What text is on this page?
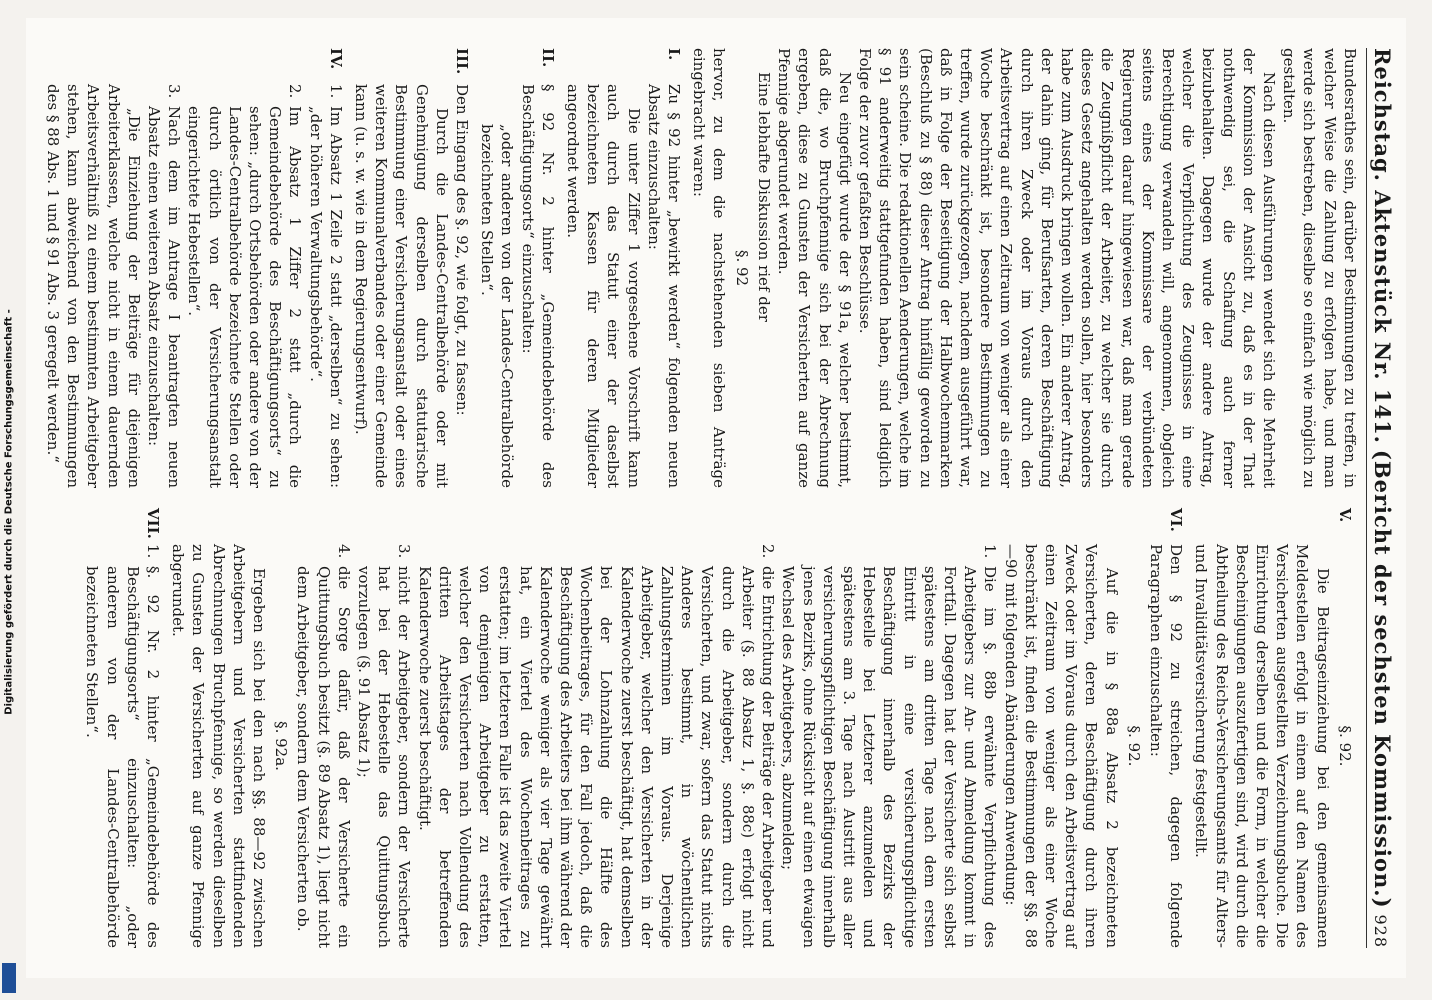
Reichstag. Aktenstück Nr. 141.
(Bericht der sechsten Kommission.)
928

Bundesrathes sein, darüber Bestimmungen zu treffen, in welcher Weise die Zahlung zu erfolgen habe, und man werde sich bestreben, dieselbe so einfach wie möglich zu gestalten.

Nach diesen Ausführungen wendet sich die Mehrheit der Kommission der Ansicht zu, daß es in der That nothwendig sei, die Schaffung auch ferner beizubehalten. Dagegen wurde der andere Antrag, welcher die Verpflichtung des Zeugnisses in eine Berechtigung verwandeln will, angenommen, obgleich seitens eines der Kommissare der verbündeten Regierungen darauf hingewiesen war, daß man gerade die Zeugnißpflicht der Arbeiter, zu welcher sie durch dieses Gesetz angehalten werden sollen, hier besonders habe zum Ausdruck bringen wollen. Ein anderer Antrag, der dahin ging, für Berufsarten, deren Beschäftigung durch ihren Zweck oder im Voraus durch den Arbeitsvertrag auf einen Zeitraum von weniger als einer Woche beschränkt ist, besondere Bestimmungen zu treffen, wurde zurückgezogen, nachdem ausgeführt war, daß in Folge der Beseitigung der Halbwochenmarken (Beschluß zu § 88) dieser Antrag hinfällig geworden zu sein scheine. Die redaktionellen Aenderungen, welche im § 91 anderweitig stattgefunden haben, sind lediglich Folge der zuvor gefaßten Beschlüsse.

Neu eingefügt wurde der § 91a, welcher bestimmt, daß die, wo Bruchpfennige sich bei der Abrechnung ergeben, diese zu Gunsten der Versicherten auf ganze Pfennige abgerundet werden.

Eine lebhafte Diskussion rief der

§. 92

hervor, zu dem die nachstehenden sieben Anträge eingebracht waren:

I.

Zu § 92 hinter „bewirkt werden“ folgenden neuen Absatz einzuschalten:

Die unter Ziffer 1 vorgesehene Vorschrift kann auch durch das Statut einer der daselbst bezeichneten Kassen für deren Mitglieder angeordnet werden.

II.

§ 92 Nr. 2 hinter „Gemeindebehörde des Beschäftigungsorts“ einzuschalten:

„oder anderen von der Landes-Centralbehörde bezeichneten Stellen“.

III.

Den Eingang des §. 92, wie folgt, zu fassen:

Durch die Landes-Centralbehörde oder mit Genehmigung derselben durch statutarische Bestimmung einer Versicherungsanstalt oder eines weiteren Kommunalverbandes oder einer Gemeinde kann (u. s. w. wie in dem Regierungsentwurf).

IV.
1.

Im Absatz 1 Zeile 2 statt „derselben“ zu sehen: „der höheren Verwaltungsbehörde“.

2.

Im Absatz 1 Ziffer 2 statt „durch die Gemeindebehörde des Beschäftigungsorts“ zu sehen: „durch Ortsbehörden oder andere von der Landes-Centralbehörde bezeichnete Stellen oder durch örtlich von der Versicherungsanstalt eingerichtete Hebestellen“.

3.

Nach dem im Antrage I beantragten neuen Absatz einen weiteren Absatz einzuschalten:

„Die Einziehung der Beiträge für diejenigen Arbeiterklassen, welche nicht in einem dauernden Arbeitsverhältniß zu einem bestimmten Arbeitgeber stehen, kann abweichend von den Bestimmungen des § 88 Abs. 1 und § 91 Abs. 3 geregelt werden.“

V.

§. 92.

Die Beitragseinziehung bei den gemeinsamen Meldestellen erfolgt in einem auf den Namen des Versicherten ausgestellten Verzeichnungsbuche. Die Einrichtung derselben und die Form, in welcher die Bescheinigungen auszufertigen sind, wird durch die Abtheilung des Reichs-Versicherungsamts für Alters- und Invaliditätsversicherung festgestellt.

VI.

Den § 92 zu streichen, dagegen folgende Paragraphen einzuschalten:

§. 92.

Auf die in § 88a Absatz 2 bezeichneten Versicherten, deren Beschäftigung durch ihren Zweck oder im Voraus durch den Arbeitsvertrag auf einen Zeitraum von weniger als einer Woche beschränkt ist, finden die Bestimmungen der §§. 88—90 mit folgenden Abänderungen Anwendung:

1.

Die im §. 88b erwähnte Verpflichtung des Arbeitgebers zur An- und Abmeldung kommt in Fortfall. Dagegen hat der Versicherte sich selbst spätestens am dritten Tage nach dem ersten Eintritt in eine versicherungspflichtige Beschäftigung innerhalb des Bezirks der Hebestelle bei Letzterer anzumelden und spätestens am 3. Tage nach Austritt aus aller versicherungspflichtigen Beschäftigung innerhalb jenes Bezirks, ohne Rücksicht auf einen etwaigen Wechsel des Arbeitgebers, abzumelden;

2.

die Entrichtung der Beiträge der Arbeitgeber und Arbeiter (§. 88 Absatz 1, §. 88c) erfolgt nicht durch die Arbeitgeber, sondern durch die Versicherten, und zwar, sofern das Statut nichts Anderes bestimmt, in wöchentlichen Zahlungsterminen im Voraus. Derjenige Arbeitgeber, welcher den Versicherten in der Kalenderwoche zuerst beschäftigt, hat demselben bei der Lohnzahlung die Hälfte des Wochenbeitrages, für den Fall jedoch, daß die Beschäftigung des Arbeiters bei ihm während der Kalenderwoche weniger als vier Tage gewährt hat, ein Viertel des Wochenbeitrages zu erstatten; im letzteren Falle ist das zweite Viertel von demjenigen Arbeitgeber zu erstatten, welcher den Versicherten nach Vollendung des dritten Arbeitstages der betreffenden Kalenderwoche zuerst beschäftigt.

3.

nicht der Arbeitgeber, sondern der Versicherte hat bei der Hebestelle das Quittungsbuch vorzulegen (§. 91 Absatz 1);

4.

die Sorge dafür, daß der Versicherte ein Quittungsbuch besitzt (§. 89 Absatz 1), liegt nicht dem Arbeitgeber, sondern dem Versicherten ob.

§. 92a.

Ergeben sich bei den nach §§. 88—92 zwischen Arbeitgebern und Versicherten stattfindenden Abrechnungen Bruchpfennige, so werden dieselben zu Gunsten der Versicherten auf ganze Pfennige abgerundet.

VII.
1.

§. 92 Nr. 2 hinter „Gemeindebehörde des Beschäftigungsorts“ einzuschalten: „oder anderen von der Landes-Centralbehörde bezeichneten Stellen“.

Digitalisierung gefördert durch die Deutsche Forschungsgemeinschaft -
